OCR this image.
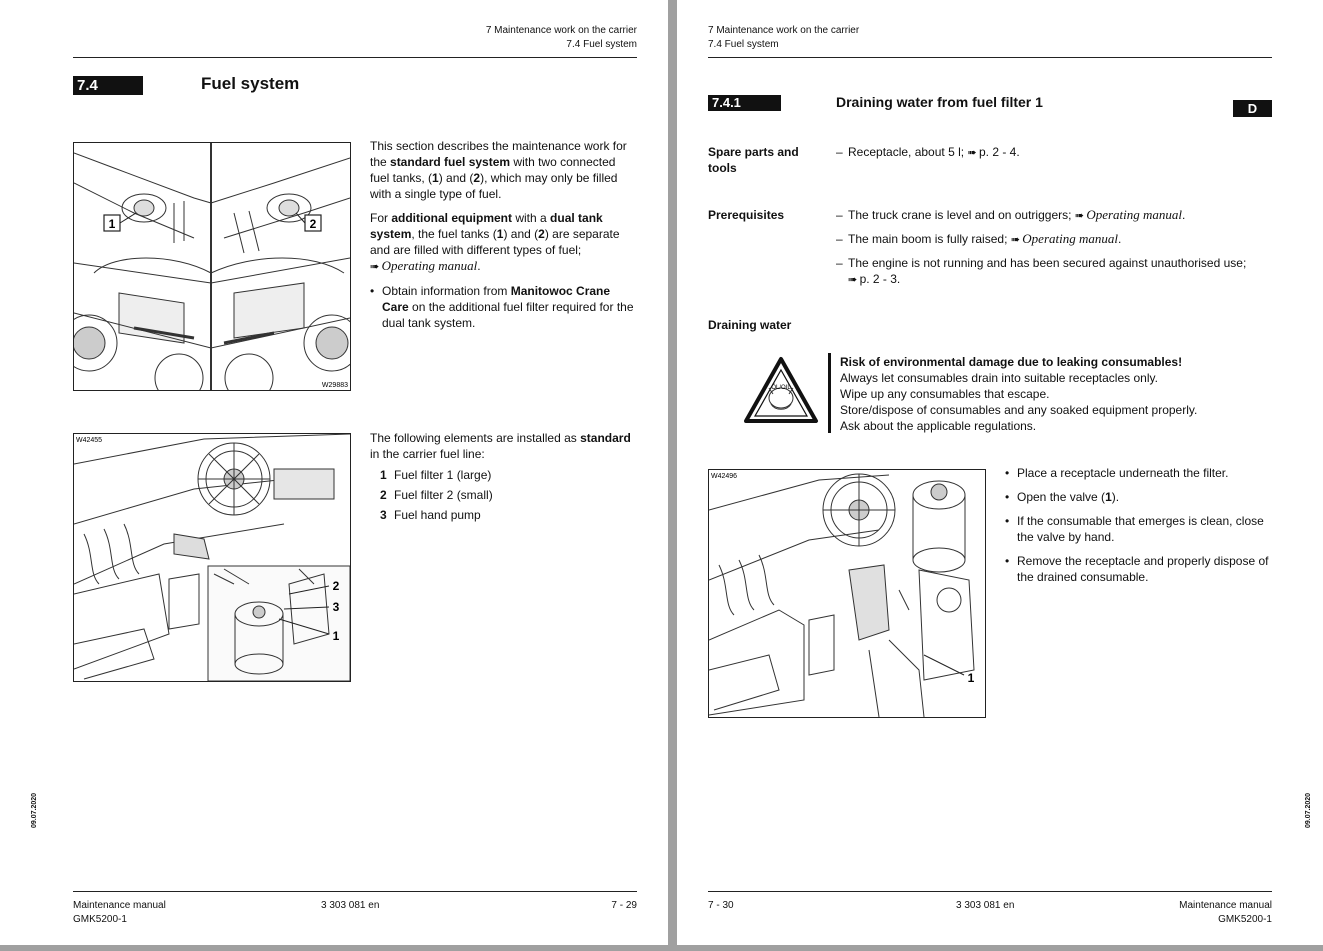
7 Maintenance work on the carrier
7.4 Fuel system
7.4	Fuel system
1	2
W29883

This section describes the maintenance work for the standard fuel system with two connected fuel tanks, (1) and (2), which may only be filled with a single type of fuel.

For additional equipment with a dual tank system, the fuel tanks (1) and (2) are separate and are filled with different types of fuel;
➠ Operating manual.

• Obtain information from Manitowoc Crane Care on the additional fuel filter required for the dual tank system.
2
3
1
W42455	The following elements are installed as standard in the carrier fuel line:

1 Fuel filter 1 (large)
2 Fuel filter 2 (small)
3 Fuel hand pump
09.07.2020
Maintenance manual
GMK5200-1
3 303 081 en	7 - 29
7 Maintenance work on the carrier
7.4 Fuel system
7.4.1	Draining water from fuel filter 1	D
Spare parts and tools
– Receptacle, about 5 l; ➠ p. 2 - 4.
Prerequisites	– The truck crane is level and on outriggers; ➠ Operating manual.
– The main boom is fully raised; ➠ Operating manual.
– The engine is not running and has been secured against unauthorised use;
➠ p. 2 - 3.
Draining water
ÖL/OIL
Risk of environmental damage due to leaking consumables!
Always let consumables drain into suitable receptacles only.
Wipe up any consumables that escape.
Store/dispose of consumables and any soaked equipment properly.
Ask about the applicable regulations.
1
W42496	• Place a receptacle underneath the filter.
• Open the valve (1).
• If the consumable that emerges is clean, close the valve by hand.
• Remove the receptacle and properly dispose of the drained consumable.
09.07.2020
7 - 30	3 303 081 en	Maintenance manual
GMK5200-1
